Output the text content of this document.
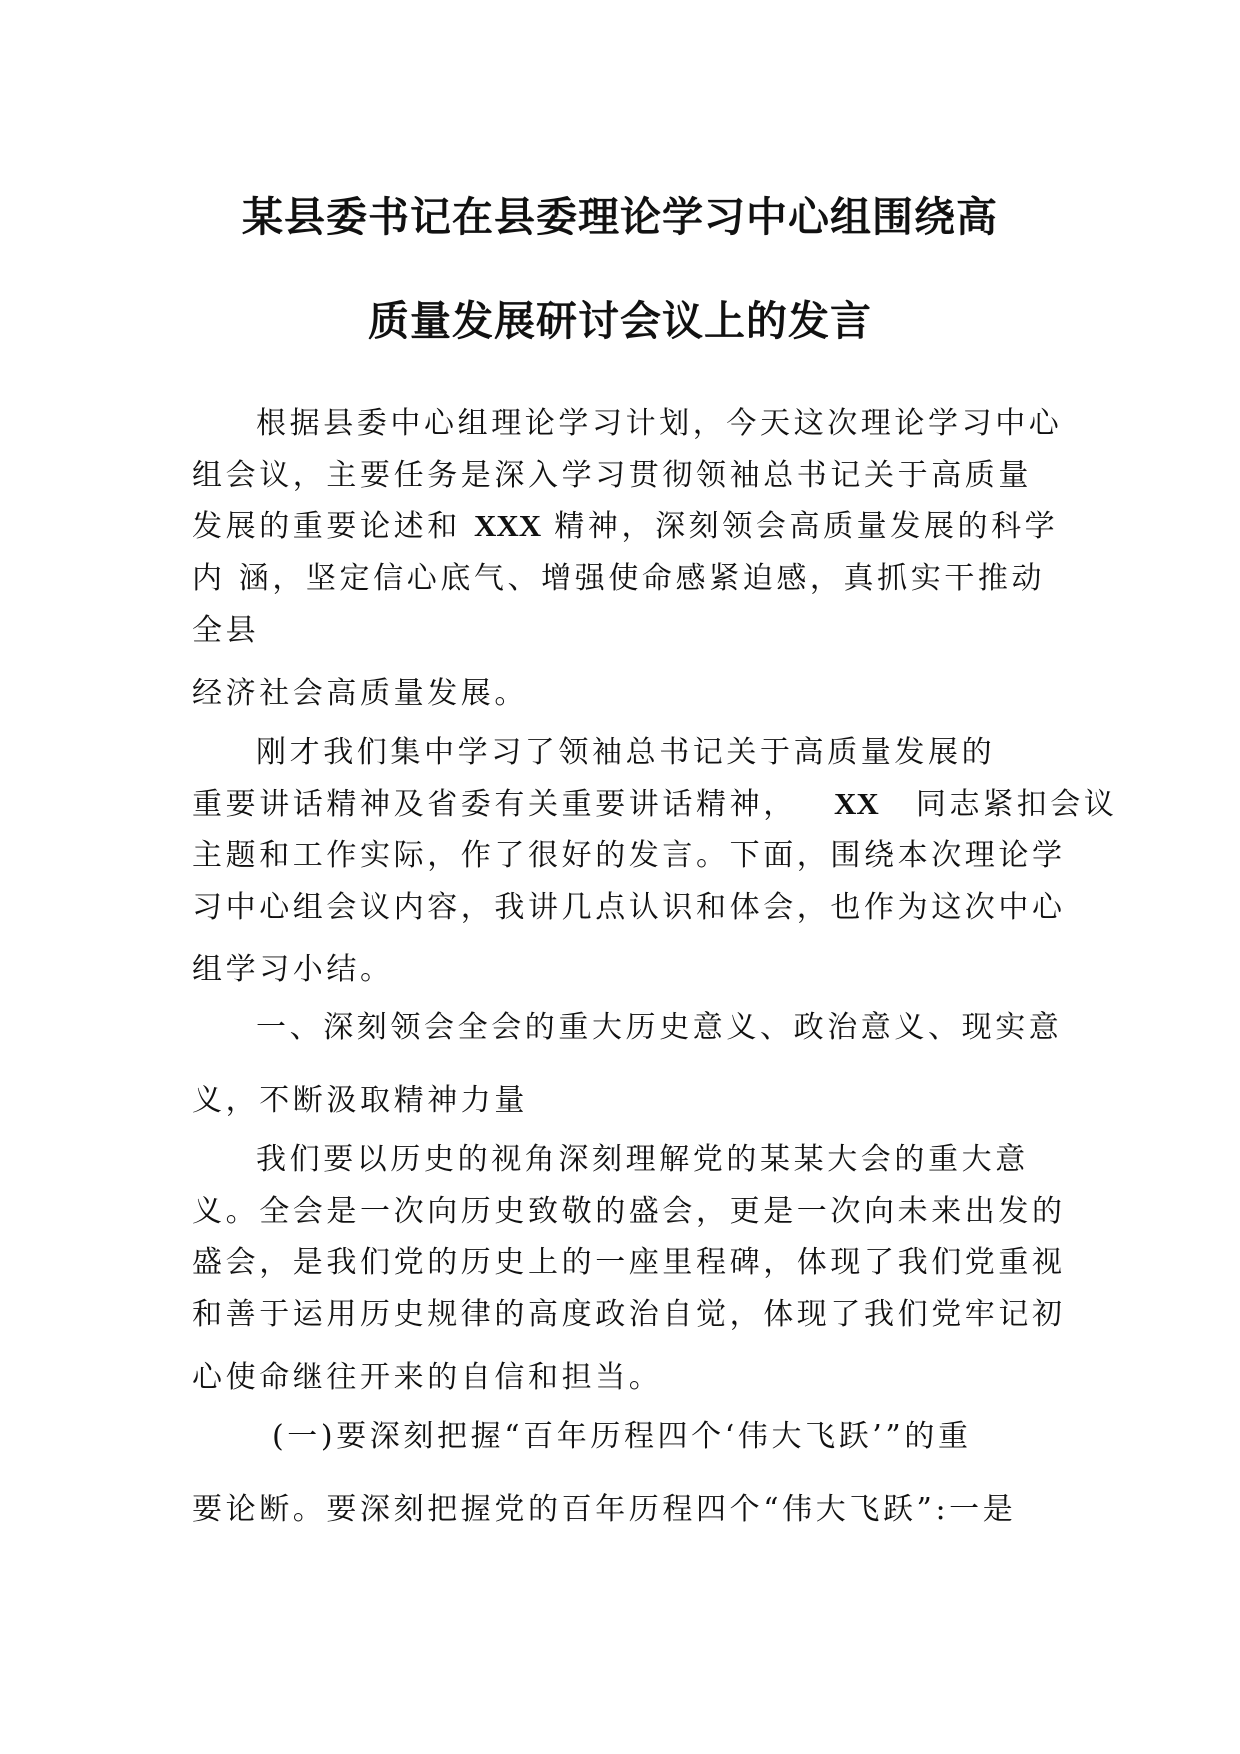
某县委书记在县委理论学习中心组围绕高
质量发展研讨会议上的发言
根据县委中心组理论学习计划，今天这次理论学习中心
组会议，主要任务是深入学习贯彻领袖总书记关于高质量
发展的重要论述和 XXX 精神，深刻领会高质量发展的科学
内 涵，坚定信心底气、增强使命感紧迫感，真抓实干推动
全县
经济社会高质量发展。
刚才我们集中学习了领袖总书记关于高质量发展的
重要讲话精神及省委有关重要讲话精神， XX 同志紧扣会议
主题和工作实际，作了很好的发言。下面，围绕本次理论学
习中心组会议内容，我讲几点认识和体会，也作为这次中心
组学习小结。
一、深刻领会全会的重大历史意义、政治意义、现实意
义，不断汲取精神力量
我们要以历史的视角深刻理解党的某某大会的重大意
义。全会是一次向历史致敬的盛会，更是一次向未来出发的
盛会，是我们党的历史上的一座里程碑，体现了我们党重视
和善于运用历史规律的高度政治自觉，体现了我们党牢记初
心使命继往开来的自信和担当。
(一)要深刻把握“百年历程四个‘伟大飞跃’”的重
要论断。要深刻把握党的百年历程四个“伟大飞跃”:一是
